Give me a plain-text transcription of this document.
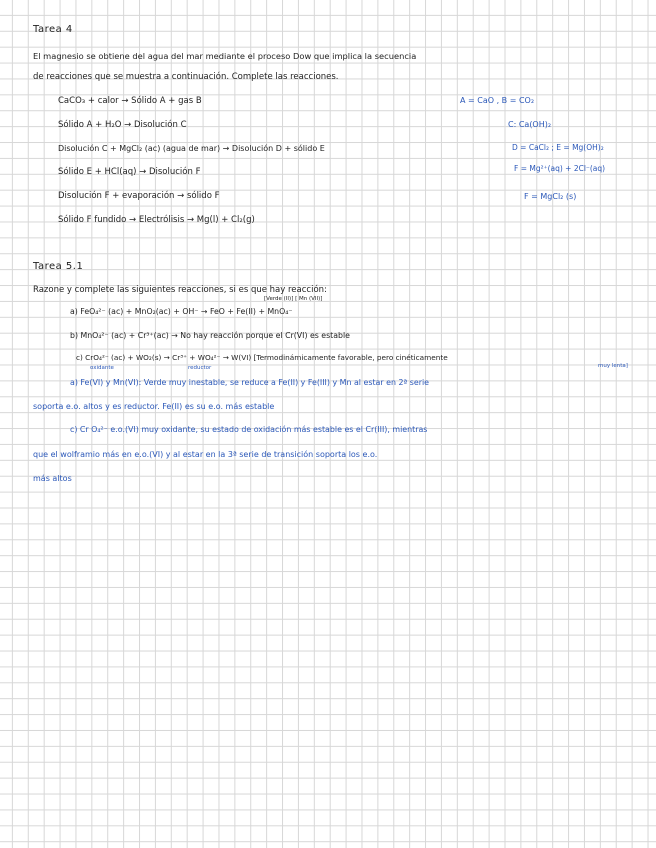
Tarea 4
El magnesio se obtiene del agua del mar mediante el proceso Dow que implica la secuencia
de reacciones que se muestra a continuación. Complete las reacciones.
CaCO₃ + calor → Sólido A + gas B	A = CaO , B = CO₂
Sólido A + H₂O → Disolución C	C: Ca(OH)₂
Disolución C + MgCl₂ (ac) (agua de mar) → Disolución D + sólido E	D = CaCl₂ ; E = Mg(OH)₂
Sólido E + HCl(aq) → Disolución F	F = Mg²⁺(aq) + 2Cl⁻(aq)
Disolución F + evaporación → sólido F	F = MgCl₂ (s)
Sólido F fundido → Electrólisis → Mg(l) + Cl₂(g)
Tarea 5.1
Razone y complete las siguientes reacciones, si es que hay reacción:
[Verde (II)] [ Mn (VII)]
a) FeO₄²⁻ (ac) + MnO₂(ac) + OH⁻ → FeO + Fe(II) + MnO₄⁻
b) MnO₄²⁻ (ac) + Cr³⁺(ac) → No hay reacción porque el Cr(VI) es estable
c) CrO₄²⁻ (ac) + WO₂(s) → Cr³⁺ + WO₄²⁻ → W(VI) [Termodinámicamente favorable, pero cinéticamente
muy lenta]
oxidante	reductor
a) Fe(VI) y Mn(VI): Verde muy inestable, se reduce a Fe(II) y Fe(III) y Mn al estar en 2ª serie
soporta e.o. altos y es reductor. Fe(II) es su e.o. más estable
c) Cr O₄²⁻ e.o.(VI) muy oxidante, su estado de oxidación más estable es el Cr(III), mientras
que el wolframio más en e.o.(VI) y al estar en la 3ª serie de transición soporta los e.o.
más altos
